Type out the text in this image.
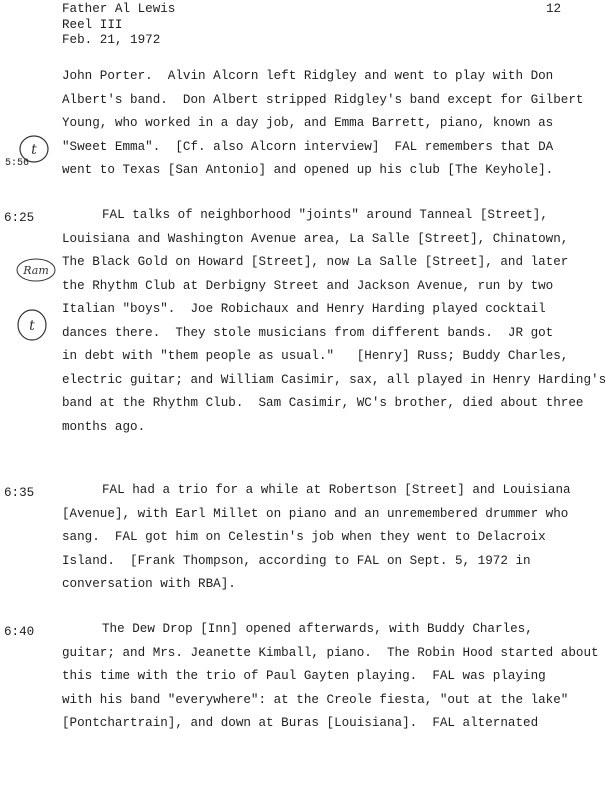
Father Al Lewis
Reel III
Feb. 21, 1972
12
5:56
6:25
6:35
6:40
t
Ram
t
John Porter.  Alvin Alcorn left Ridgley and went to play with Don
Albert's band.  Don Albert stripped Ridgley's band except for Gilbert
Young, who worked in a day job, and Emma Barrett, piano, known as
"Sweet Emma".  [Cf. also Alcorn interview]  FAL remembers that DA
went to Texas [San Antonio] and opened up his club [The Keyhole].
FAL talks of neighborhood "joints" around Tanneal [Street],
Louisiana and Washington Avenue area, La Salle [Street], Chinatown,
The Black Gold on Howard [Street], now La Salle [Street], and later
the Rhythm Club at Derbigny Street and Jackson Avenue, run by two
Italian "boys".  Joe Robichaux and Henry Harding played cocktail
dances there.  They stole musicians from different bands.  JR got
in debt with "them people as usual."   [Henry] Russ; Buddy Charles,
electric guitar; and William Casimir, sax, all played in Henry Harding's
band at the Rhythm Club.  Sam Casimir, WC's brother, died about three
months ago.
FAL had a trio for a while at Robertson [Street] and Louisiana
[Avenue], with Earl Millet on piano and an unremembered drummer who
sang.  FAL got him on Celestin's job when they went to Delacroix
Island.  [Frank Thompson, according to FAL on Sept. 5, 1972 in
conversation with RBA].
The Dew Drop [Inn] opened afterwards, with Buddy Charles,
guitar; and Mrs. Jeanette Kimball, piano.  The Robin Hood started about
this time with the trio of Paul Gayten playing.  FAL was playing
with his band "everywhere": at the Creole fiesta, "out at the lake"
[Pontchartrain], and down at Buras [Louisiana].  FAL alternated
